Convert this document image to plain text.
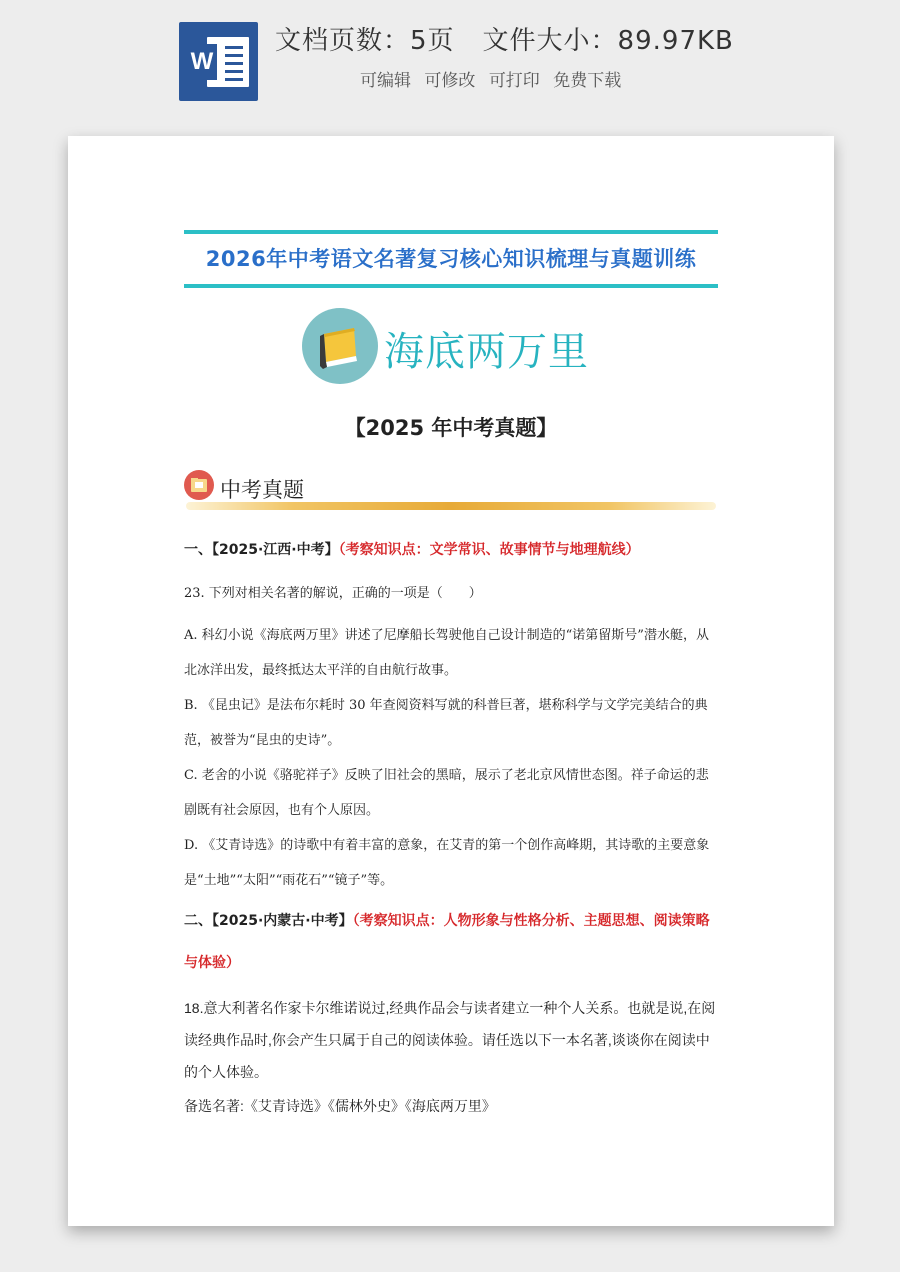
W
文档页数：5页 文件大小：89.97KB
可编辑 可修改 可打印 免费下载
2026年中考语文名著复习核心知识梳理与真题训练
海底两万里
【2025 年中考真题】
中考真题
一、【2025·江西·中考】（考察知识点：文学常识、故事情节与地理航线）
23. 下列对相关名著的解说，正确的一项是（　　）
A. 科幻小说《海底两万里》讲述了尼摩船长驾驶他自己设计制造的“诺第留斯号”潜水艇，从北冰洋出发，最终抵达太平洋的自由航行故事。
B. 《昆虫记》是法布尔耗时 30 年查阅资料写就的科普巨著，堪称科学与文学完美结合的典范，被誉为“昆虫的史诗”。
C. 老舍的小说《骆驼祥子》反映了旧社会的黑暗，展示了老北京风情世态图。祥子命运的悲剧既有社会原因，也有个人原因。
D. 《艾青诗选》的诗歌中有着丰富的意象，在艾青的第一个创作高峰期，其诗歌的主要意象是“土地”“太阳”“雨花石”“镜子”等。
二、【2025·内蒙古·中考】（考察知识点：人物形象与性格分析、主题思想、阅读策略与体验）
18.意大利著名作家卡尔维诺说过,经典作品会与读者建立一种个人关系。也就是说,在阅读经典作品时,你会产生只属于自己的阅读体验。请任选以下一本名著,谈谈你在阅读中的个人体验。
备选名著:《艾青诗选》《儒林外史》《海底两万里》
